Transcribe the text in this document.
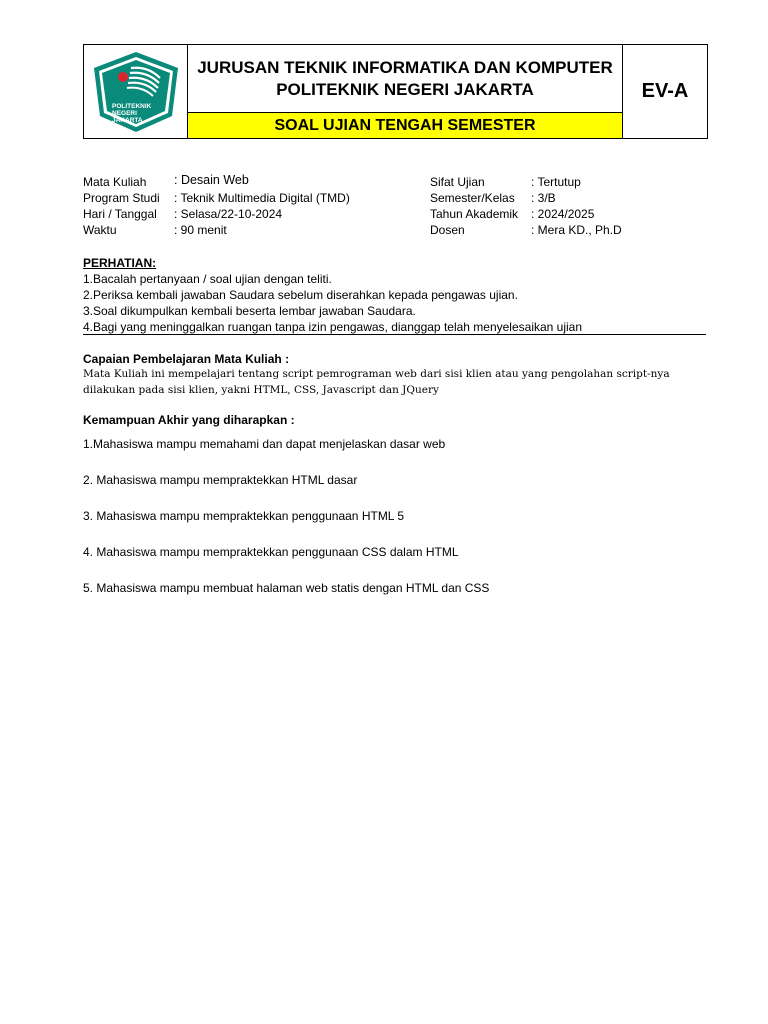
POLITEKNIK
NEGERI
JAKARTA
JURUSAN TEKNIK INFORMATIKA DAN KOMPUTER
POLITEKNIK NEGERI JAKARTA
SOAL UJIAN TENGAH SEMESTER
EV-A
Mata Kuliah	: Desain Web
Program Studi	: Teknik Multimedia Digital (TMD)
Hari / Tanggal	: Selasa/22-10-2024
Waktu	: 90 menit
Sifat Ujian	: Tertutup
Semester/Kelas	: 3/B
Tahun Akademik	: 2024/2025
Dosen	: Mera KD., Ph.D
PERHATIAN:
1.Bacalah pertanyaan / soal ujian dengan teliti.
2.Periksa kembali jawaban Saudara sebelum diserahkan kepada pengawas ujian.
3.Soal dikumpulkan kembali beserta lembar jawaban Saudara.
4.Bagi yang meninggalkan ruangan tanpa izin pengawas, dianggap telah menyelesaikan ujian
Capaian Pembelajaran Mata Kuliah :
Mata Kuliah ini mempelajari tentang script pemrograman web dari sisi klien atau yang pengolahan script-nya
dilakukan pada sisi klien, yakni HTML, CSS, Javascript dan JQuery
Kemampuan Akhir yang diharapkan :
1.Mahasiswa mampu memahami dan dapat menjelaskan dasar web
2. Mahasiswa mampu mempraktekkan HTML dasar
3. Mahasiswa mampu mempraktekkan penggunaan HTML 5
4. Mahasiswa mampu mempraktekkan penggunaan CSS dalam HTML
5. Mahasiswa mampu membuat halaman web statis dengan HTML dan CSS
